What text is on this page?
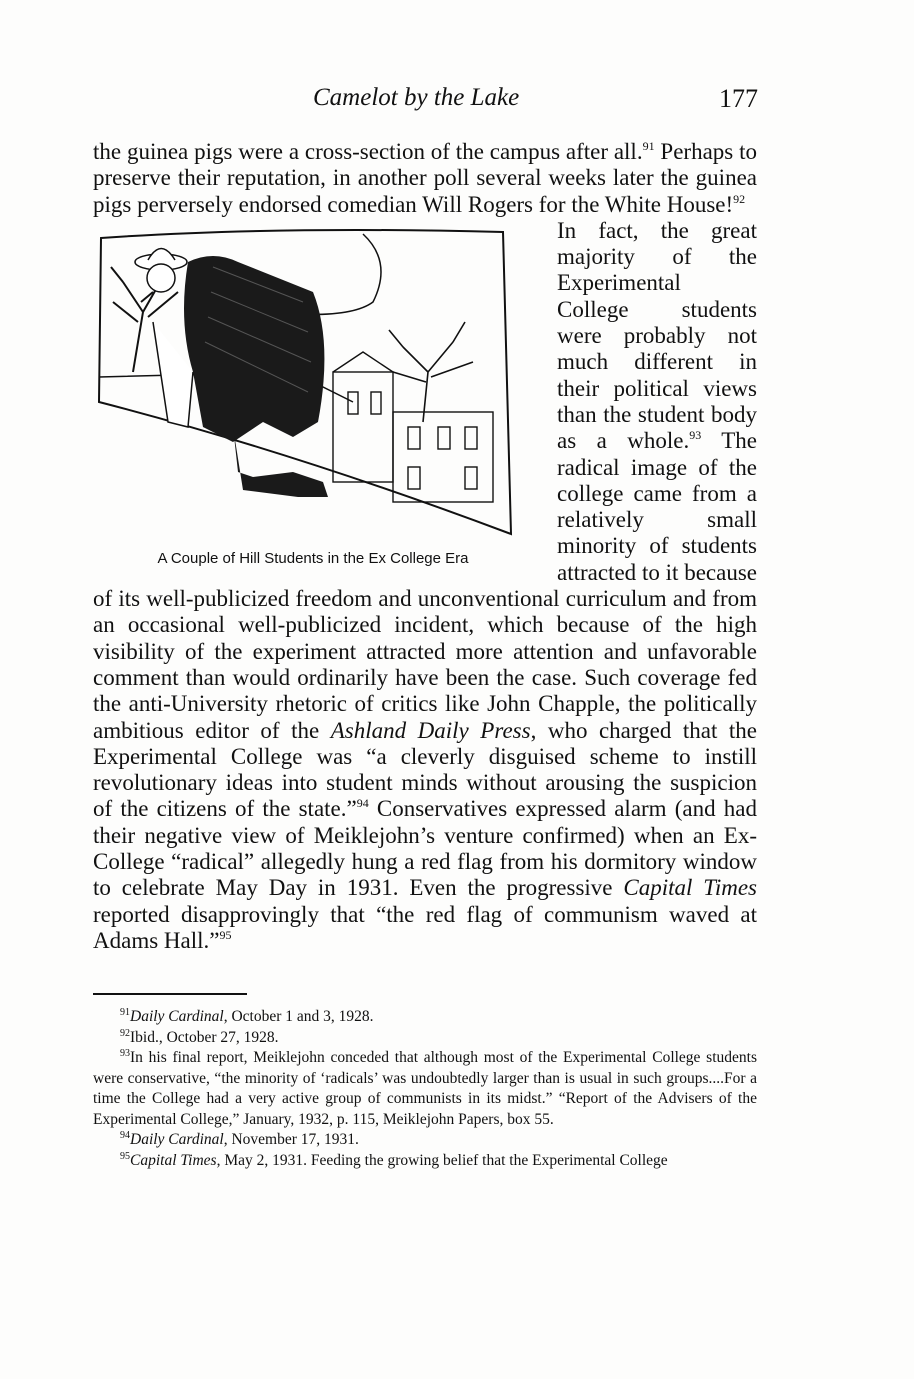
Camelot by the Lake	177

the guinea pigs were a cross-section of the campus after all.$^{91}$ Perhaps to preserve their reputation, in another poll several weeks later the guinea pigs perversely endorsed comedian Will Rogers for the White House!$^{92}$

A Couple of Hill Students in the Ex College Era

In fact, the great majority of the Experimental College students were probably not much different in their political views than the student body as a whole.$^{93}$ The radical image of the college came from a relatively small minority of students attracted to it because of its well-publicized freedom and unconventional curriculum and from an occasional well-publicized incident, which because of the high visibility of the experiment attracted more attention and unfavorable comment than would ordinarily have been the case. Such coverage fed the anti-University rhetoric of critics like John Chapple, the politically ambitious editor of the Ashland Daily Press, who charged that the Experimental College was “a cleverly disguised scheme to instill revolutionary ideas into student minds without arousing the suspicion of the citizens of the state.”$^{94}$ Conservatives expressed alarm (and had their negative view of Meiklejohn’s venture confirmed) when an Ex-College “radical” allegedly hung a red flag from his dormitory window to celebrate May Day in 1931. Even the progressive Capital Times reported disapprovingly that “the red flag of communism waved at Adams Hall.”$^{95}$

$^{91}$Daily Cardinal, October 1 and 3, 1928.

$^{92}$Ibid., October 27, 1928.

$^{93}$In his final report, Meiklejohn conceded that although most of the Experimental College students were conservative, “the minority of ‘radicals’ was undoubtedly larger than is usual in such groups....For a time the College had a very active group of communists in its midst.” “Report of the Advisers of the Experimental College,” January, 1932, p. 115, Meiklejohn Papers, box 55.

$^{94}$Daily Cardinal, November 17, 1931.

$^{95}$Capital Times, May 2, 1931. Feeding the growing belief that the Experimental College
